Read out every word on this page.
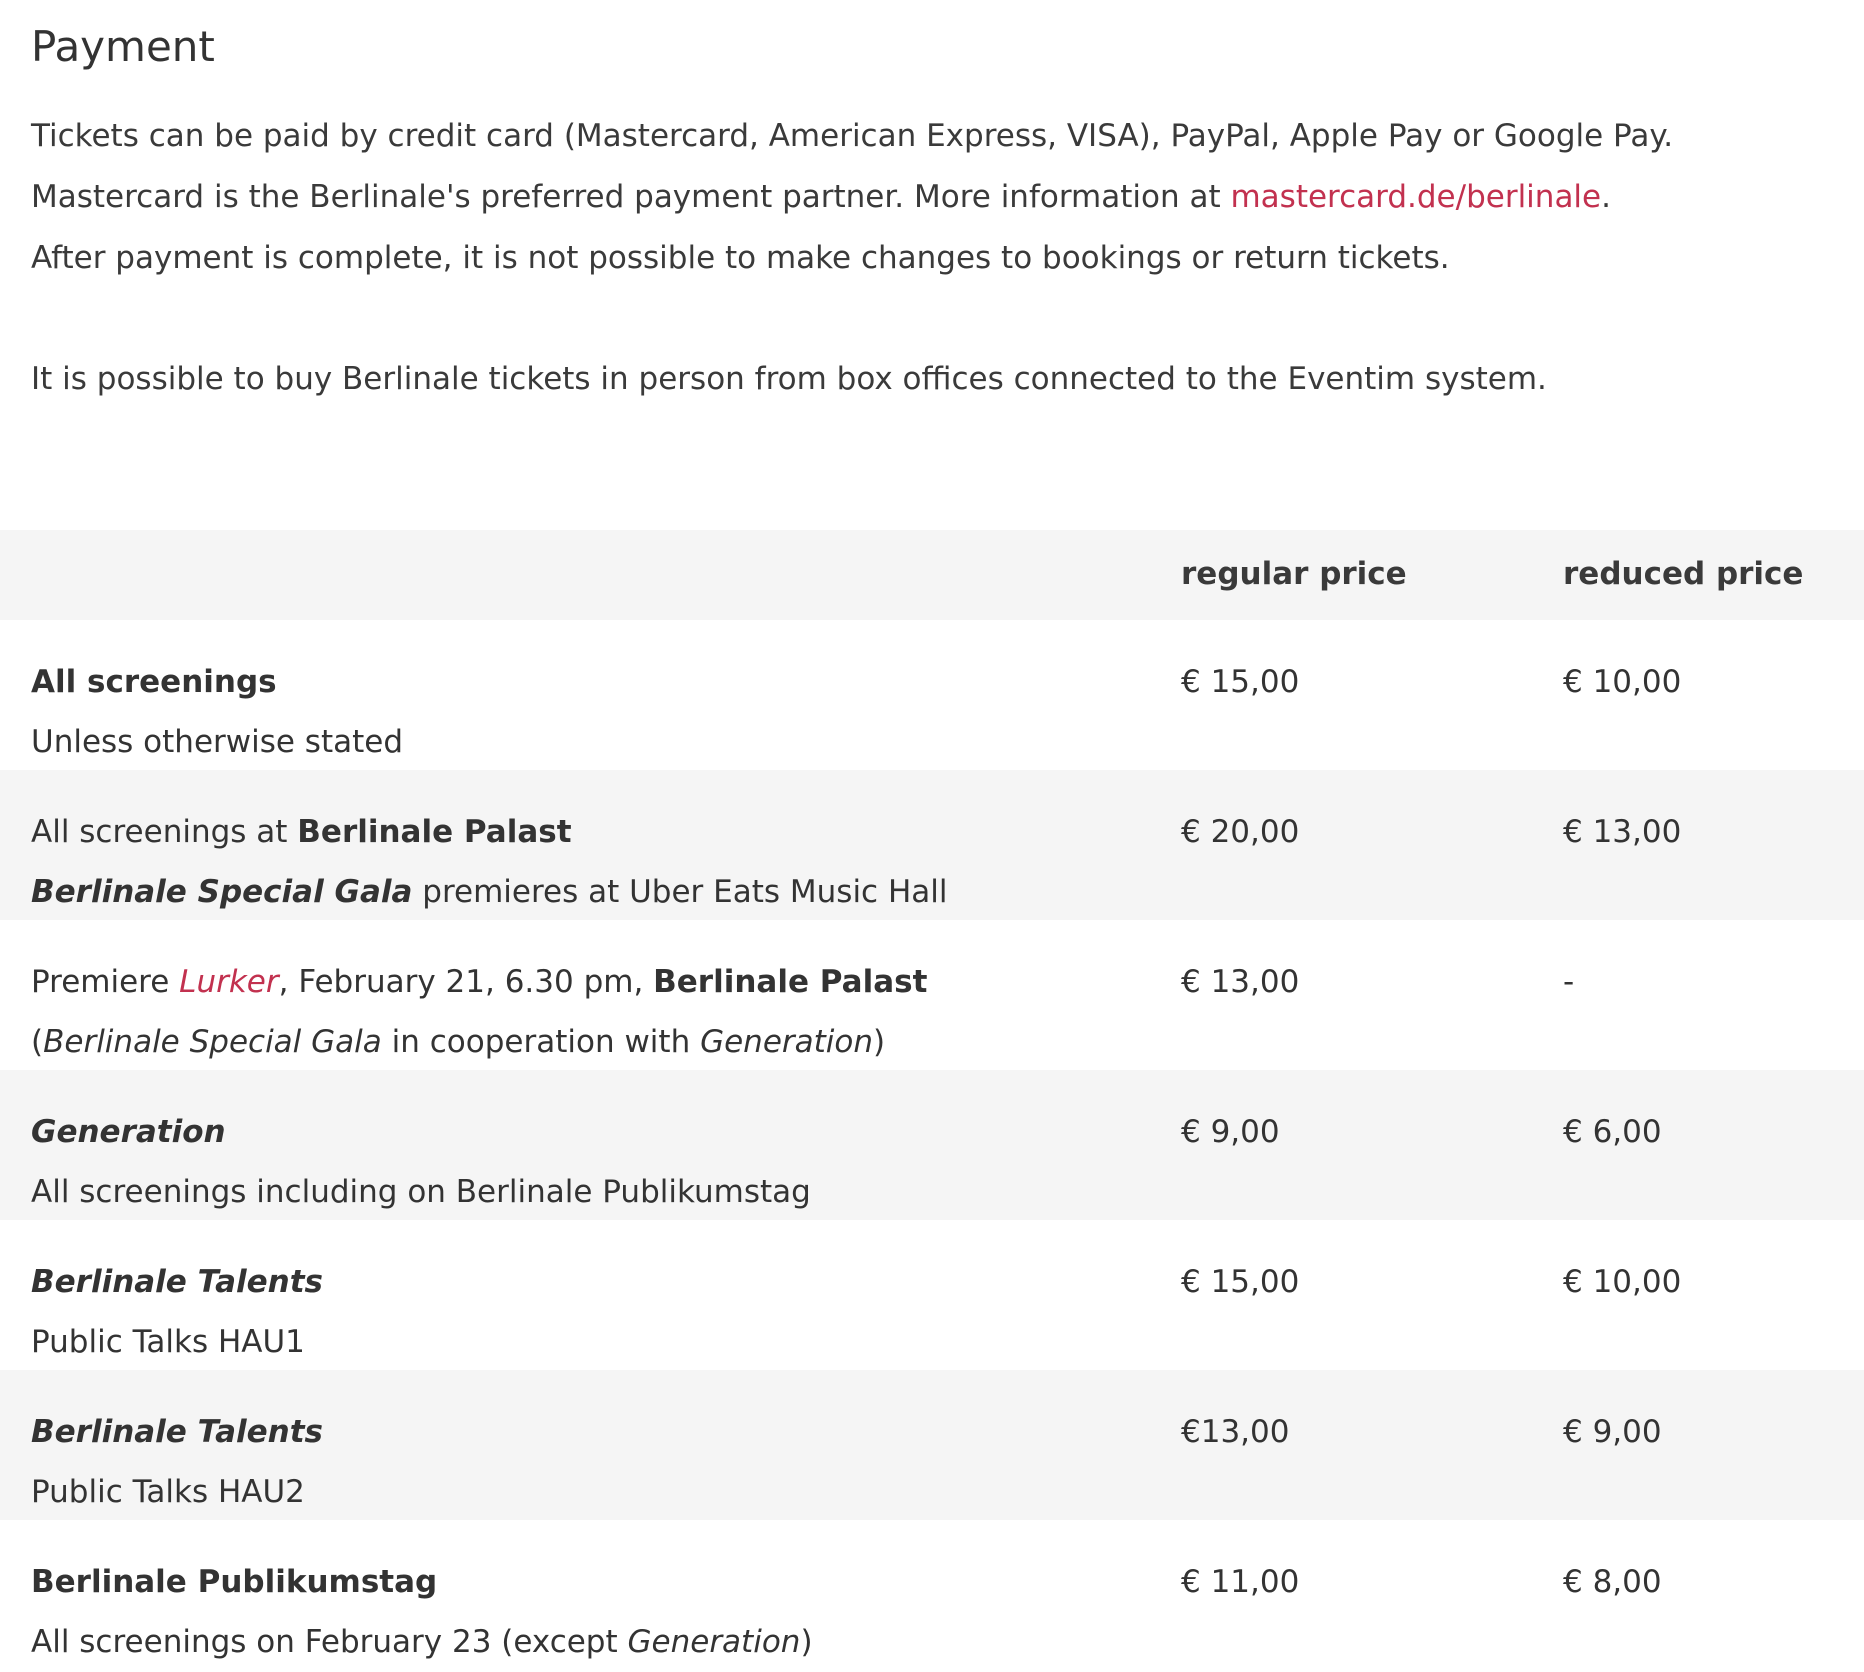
Payment

Tickets can be paid by credit card (Mastercard, American Express, VISA), PayPal, Apple Pay or Google Pay.

Mastercard is the Berlinale's preferred payment partner. More information at mastercard.de/berlinale.

After payment is complete, it is not possible to make changes to bookings or return tickets.

It is possible to buy Berlinale tickets in person from box offices connected to the Eventim system.

regular price	reduced price
All screenings
Unless otherwise stated
€ 15,00	€ 10,00
All screenings at Berlinale Palast
Berlinale Special Gala premieres at Uber Eats Music Hall
€ 20,00	€ 13,00
Premiere Lurker, February 21, 6.30 pm, Berlinale Palast
(Berlinale Special Gala in cooperation with Generation)
€ 13,00	-
Generation
All screenings including on Berlinale Publikumstag
€ 9,00	€ 6,00
Berlinale Talents
Public Talks HAU1
€ 15,00	€ 10,00
Berlinale Talents
Public Talks HAU2
€13,00	€ 9,00
Berlinale Publikumstag
All screenings on February 23 (except Generation)
€ 11,00	€ 8,00
